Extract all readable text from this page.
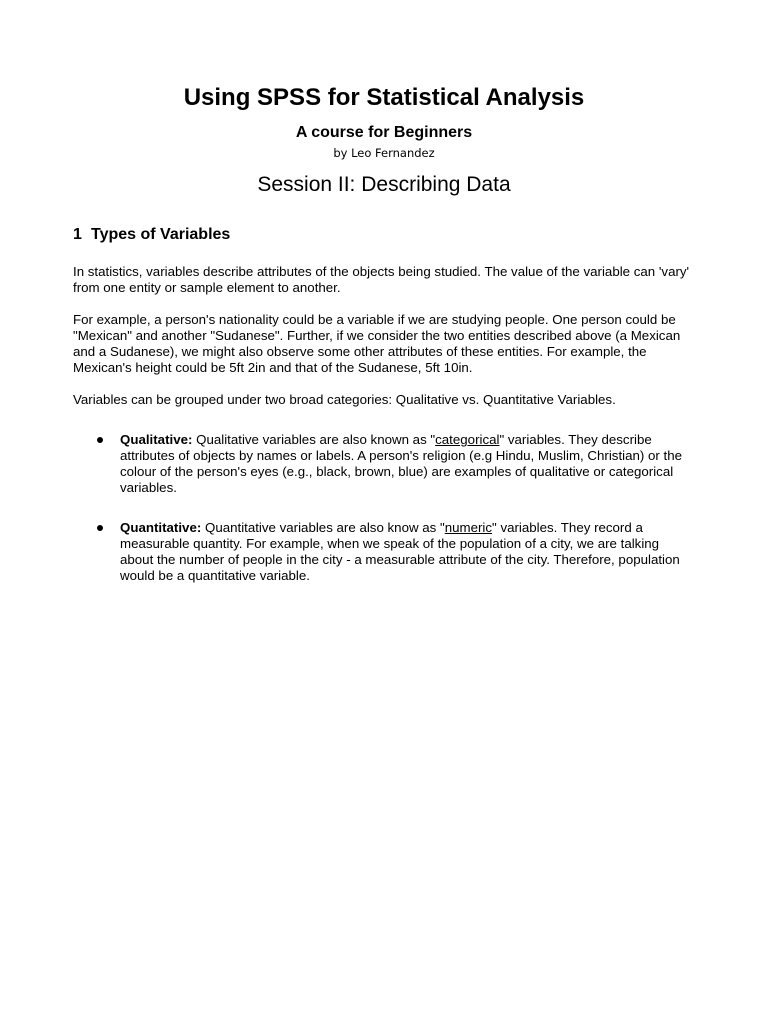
Using SPSS for Statistical Analysis
A course for Beginners
by Leo Fernandez
Session II: Describing Data
1 Types of Variables

In statistics, variables describe attributes of the objects being studied. The value of the variable can 'vary' from one entity or sample element to another.

For example, a person's nationality could be a variable if we are studying people. One person could be "Mexican" and another "Sudanese". Further, if we consider the two entities described above (a Mexican and a Sudanese), we might also observe some other attributes of these entities. For example, the Mexican's height could be 5ft 2in and that of the Sudanese, 5ft 10in.

Variables can be grouped under two broad categories: Qualitative vs. Quantitative Variables.

Qualitative: Qualitative variables are also known as "categorical" variables. They describe attributes of objects by names or labels. A person's religion (e.g Hindu, Muslim, Christian) or the colour of the person's eyes (e.g., black, brown, blue) are examples of qualitative or categorical variables.
Quantitative: Quantitative variables are also know as "numeric" variables. They record a measurable quantity. For example, when we speak of the population of a city, we are talking about the number of people in the city - a measurable attribute of the city. Therefore, population would be a quantitative variable.
